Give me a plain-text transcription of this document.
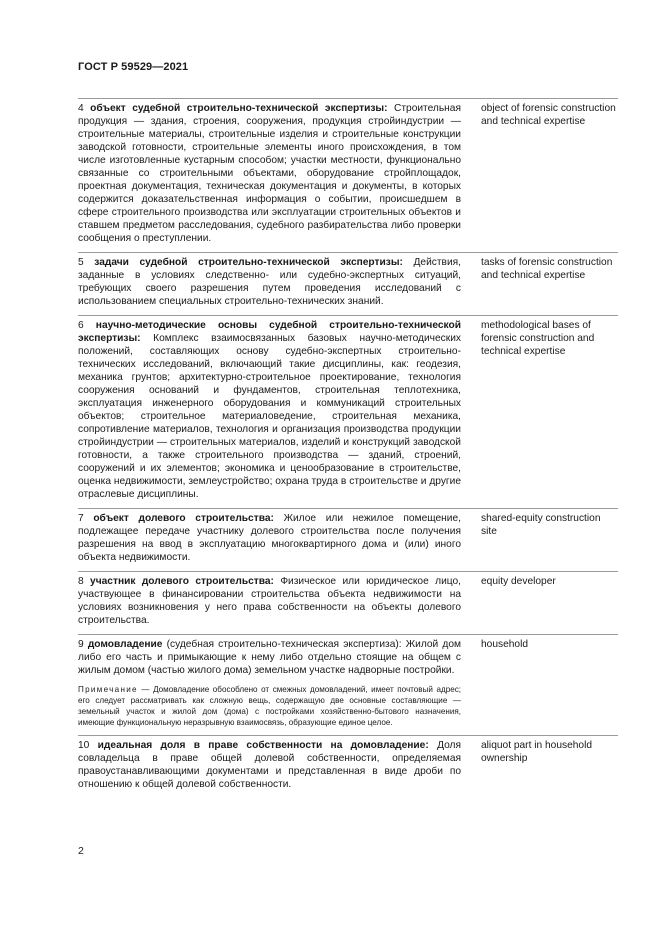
ГОСТ Р 59529—2021

4 объект судебной строительно-технической экспертизы: Строительная продукция — здания, строения, сооружения, продукция стройиндустрии — строительные материалы, строительные изделия и строительные конструкции заводской готовности, строительные элементы иного происхождения, в том числе изготовленные кустарным способом; участки местности, функционально связанные со строительными объектами, оборудование стройплощадок, проектная документация, техническая документация и документы, в которых содержится доказательственная информация о событии, происшедшем в сфере строительного производства или эксплуатации строительных объектов и ставшем предметом расследования, судебного разбирательства либо проверки сообщения о преступлении.

object of forensic construction and technical expertise

5 задачи судебной строительно-технической экспертизы: Действия, заданные в условиях следственно- или судебно-экспертных ситуаций, требующих своего разрешения путем проведения исследований с использованием специальных строительно-технических знаний.

tasks of forensic construction and technical expertise

6 научно-методические основы судебной строительно-технической экспертизы: Комплекс взаимосвязанных базовых научно-методических положений, составляющих основу судебно-экспертных строительно-технических исследований, включающий такие дисциплины, как: геодезия, механика грунтов; архитектурно-строительное проектирование, технология сооружения оснований и фундаментов, строительная теплотехника, эксплуатация инженерного оборудования и коммуникаций строительных объектов; строительное материаловедение, строительная механика, сопротивление материалов, технология и организация производства продукции стройиндустрии — строительных материалов, изделий и конструкций заводской готовности, а также строительного производства — зданий, строений, сооружений и их элементов; экономика и ценообразование в строительстве, оценка недвижимости, землеустройство; охрана труда в строительстве и другие отраслевые дисциплины.

methodological bases of forensic construction and technical expertise

7 объект долевого строительства: Жилое или нежилое помещение, подлежащее передаче участнику долевого строительства после получения разрешения на ввод в эксплуатацию многоквартирного дома и (или) иного объекта недвижимости.

shared-equity construction site

8 участник долевого строительства: Физическое или юридическое лицо, участвующее в финансировании строительства объекта недвижимости на условиях возникновения у него права собственности на объекты долевого строительства.

equity developer

9 домовладение (судебная строительно-техническая экспертиза): Жилой дом либо его часть и примыкающие к нему либо отдельно стоящие на общем с жилым домом (частью жилого дома) земельном участке надворные постройки.

Примечание — Домовладение обособлено от смежных домовладений, имеет почтовый адрес; его следует рассматривать как сложную вещь, содержащую две основные составляющие — земельный участок и жилой дом (дома) с постройками хозяйственно-бытового назначения, имеющие функциональную неразрывную взаимосвязь, образующие единое целое.

household

10 идеальная доля в праве собственности на домовладение: Доля совладельца в праве общей долевой собственности, определяемая правоустанавливающими документами и представленная в виде дроби по отношению к общей долевой собственности.

aliquot part in household ownership
2
